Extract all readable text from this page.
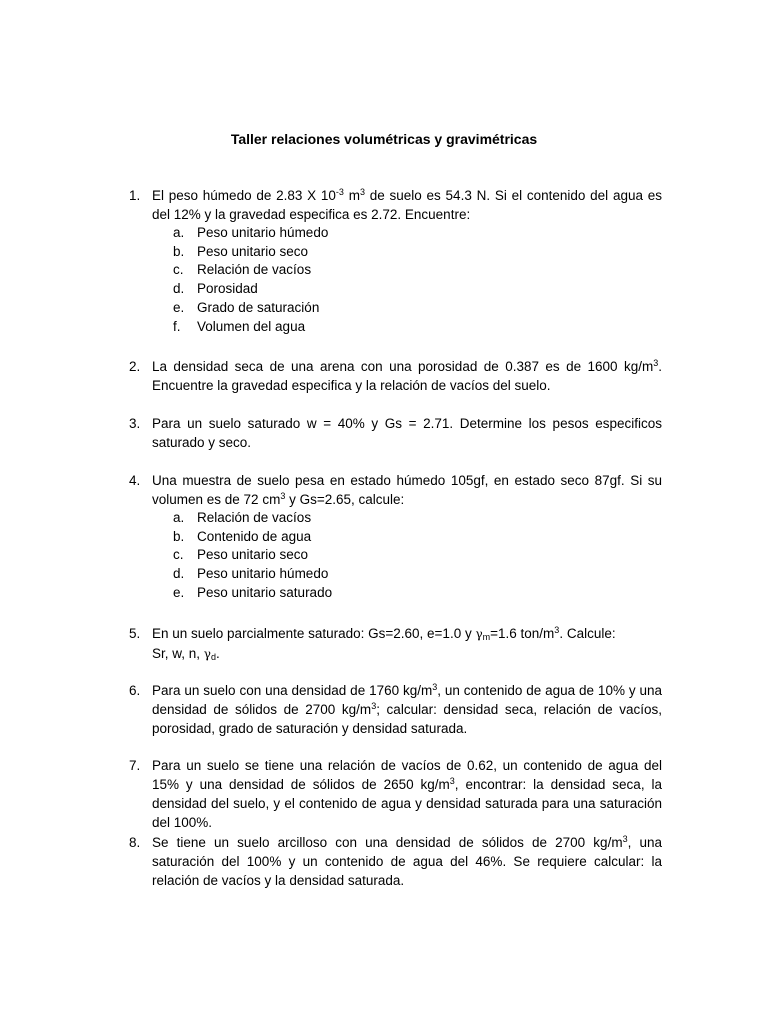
Taller relaciones volumétricas y gravimétricas
1. El peso húmedo de 2.83 X $10^{-3}$ $m^3$ de suelo es 54.3 N. Si el contenido del agua es del 12% y la gravedad especifica es 2.72. Encuentre:
a. Peso unitario húmedo
b. Peso unitario seco
c. Relación de vacíos
d. Porosidad
e. Grado de saturación
f. Volumen del agua
2. La densidad seca de una arena con una porosidad de 0.387 es de 1600 $kg/m^3$. Encuentre la gravedad especifica y la relación de vacíos del suelo.
3. Para un suelo saturado w = 40% y Gs = 2.71. Determine los pesos especificos saturado y seco.
4. Una muestra de suelo pesa en estado húmedo 105gf, en estado seco 87gf. Si su volumen es de 72 $cm^3$ y Gs=2.65, calcule:
a. Relación de vacíos
b. Contenido de agua
c. Peso unitario seco
d. Peso unitario húmedo
e. Peso unitario saturado
5. En un suelo parcialmente saturado: Gs=2.60, e=1.0 y $\gamma_m=1.6$ ton/$m^3$. Calcule:
Sr, w, n, $\gamma_d$.
6. Para un suelo con una densidad de 1760 $kg/m^3$, un contenido de agua de 10% y una densidad de sólidos de 2700 $kg/m^3$; calcular: densidad seca, relación de vacíos, porosidad, grado de saturación y densidad saturada.
7. Para un suelo se tiene una relación de vacíos de 0.62, un contenido de agua del 15% y una densidad de sólidos de 2650 $kg/m^3$, encontrar: la densidad seca, la densidad del suelo, y el contenido de agua y densidad saturada para una saturación del 100%.
8. Se tiene un suelo arcilloso con una densidad de sólidos de 2700 $kg/m^3$, una saturación del 100% y un contenido de agua del 46%. Se requiere calcular: la relación de vacíos y la densidad saturada.
